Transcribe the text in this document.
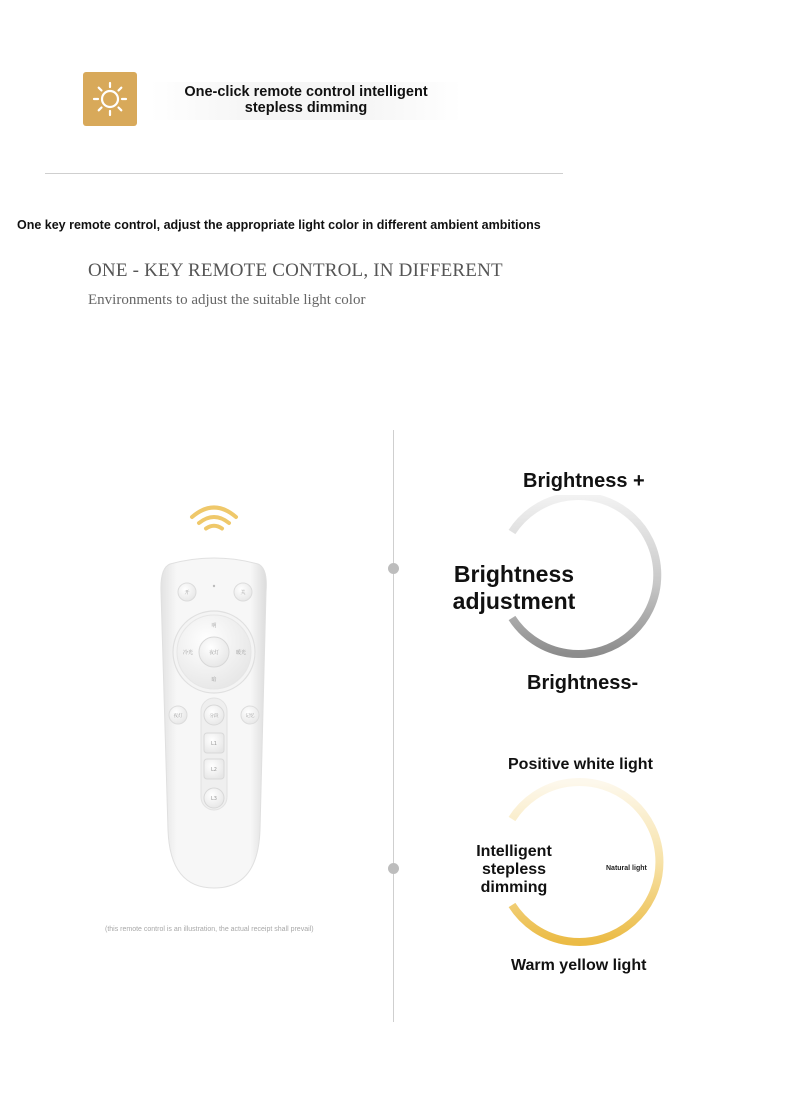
One-click remote control intelligent
stepless dimming
One key remote control, adjust the appropriate light color in different ambient ambitions
ONE - KEY REMOTE CONTROL, IN DIFFERENT
Environments to adjust the suitable light color
开	关
夜灯
明
暗
冷光	暖光
夜灯	记忆
分段
L1
L2
L3
(this remote control is an illustration, the actual receipt shall prevail)
Brightness +
Brightness
adjustment
Brightness-
Positive white light
Intelligent
stepless
dimming
Natural light
Warm yellow light
